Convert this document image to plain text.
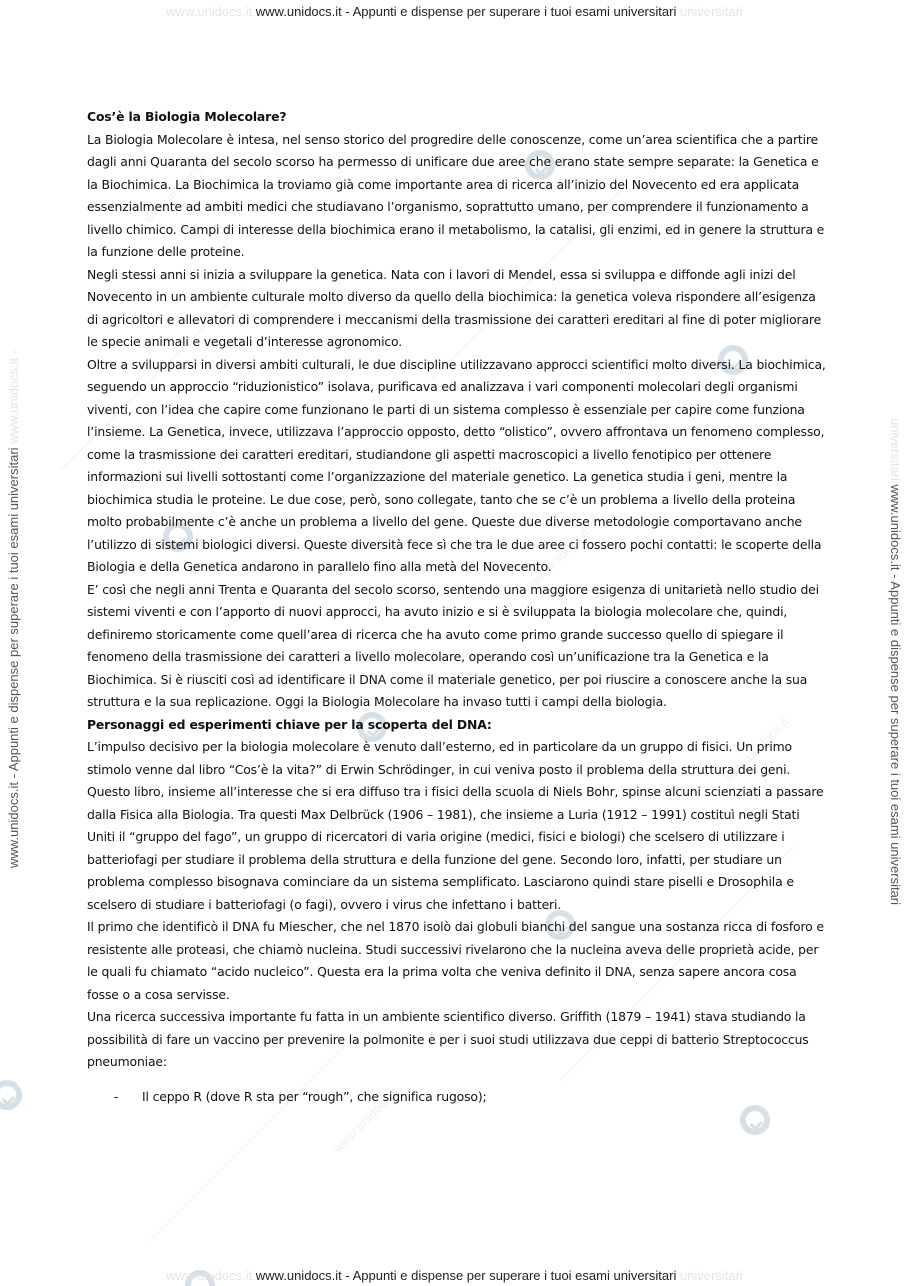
www.unidocs.it
www.unidocs.it
www.unidocs.it
www.unidocs.it
www.unidocs.it www.unidocs.it - Appunti e dispense per superare i tuoi esami universitari universitari
www.unidocs.it - Appunti e dispense per superare i tuoi esami universitari www.unidocs.it -
universitari www.unidocs.it - Appunti e dispense per superare i tuoi esami universitari
Cos’è la Biologia Molecolare?

La Biologia Molecolare è intesa, nel senso storico del progredire delle conoscenze, come un’area scientifica che a partire dagli anni Quaranta del secolo scorso ha permesso di unificare due aree che erano state sempre separate: la Genetica e la Biochimica. La Biochimica la troviamo già come importante area di ricerca all’inizio del Novecento ed era applicata essenzialmente ad ambiti medici che studiavano l’organismo, soprattutto umano, per comprendere il funzionamento a livello chimico. Campi di interesse della biochimica erano il metabolismo, la catalisi, gli enzimi, ed in genere la struttura e la funzione delle proteine.

Negli stessi anni si inizia a sviluppare la genetica. Nata con i lavori di Mendel, essa si sviluppa e diffonde agli inizi del Novecento in un ambiente culturale molto diverso da quello della biochimica: la genetica voleva rispondere all’esigenza di agricoltori e allevatori di comprendere i meccanismi della trasmissione dei caratteri ereditari al fine di poter migliorare le specie animali e vegetali d’interesse agronomico.

Oltre a svilupparsi in diversi ambiti culturali, le due discipline utilizzavano approcci scientifici molto diversi. La biochimica, seguendo un approccio “riduzionistico” isolava, purificava ed analizzava i vari componenti molecolari degli organismi viventi, con l’idea che capire come funzionano le parti di un sistema complesso è essenziale per capire come funziona l’insieme. La Genetica, invece, utilizzava l’approccio opposto, detto “olistico”, ovvero affrontava un fenomeno complesso, come la trasmissione dei caratteri ereditari, studiandone gli aspetti macroscopici a livello fenotipico per ottenere informazioni sui livelli sottostanti come l’organizzazione del materiale genetico. La genetica studia i geni, mentre la biochimica studia le proteine. Le due cose, però, sono collegate, tanto che se c’è un problema a livello della proteina molto probabilmente c’è anche un problema a livello del gene. Queste due diverse metodologie comportavano anche l’utilizzo di sistemi biologici diversi. Queste diversità fece sì che tra le due aree ci fossero pochi contatti: le scoperte della Biologia e della Genetica andarono in parallelo fino alla metà del Novecento.

E’ così che negli anni Trenta e Quaranta del secolo scorso, sentendo una maggiore esigenza di unitarietà nello studio dei sistemi viventi e con l’apporto di nuovi approcci, ha avuto inizio e si è sviluppata la biologia molecolare che, quindi, definiremo storicamente come quell’area di ricerca che ha avuto come primo grande successo quello di spiegare il fenomeno della trasmissione dei caratteri a livello molecolare, operando così un’unificazione tra la Genetica e la Biochimica. Si è riusciti così ad identificare il DNA come il materiale genetico, per poi riuscire a conoscere anche la sua struttura e la sua replicazione. Oggi la Biologia Molecolare ha invaso tutti i campi della biologia.

Personaggi ed esperimenti chiave per la scoperta del DNA:

L’impulso decisivo per la biologia molecolare è venuto dall’esterno, ed in particolare da un gruppo di fisici. Un primo stimolo venne dal libro “Cos’è la vita?” di Erwin Schrödinger, in cui veniva posto il problema della struttura dei geni. Questo libro, insieme all’interesse che si era diffuso tra i fisici della scuola di Niels Bohr, spinse alcuni scienziati a passare dalla Fisica alla Biologia. Tra questi Max Delbrück (1906 – 1981), che insieme a Luria (1912 – 1991) costituì negli Stati Uniti il “gruppo del fago”, un gruppo di ricercatori di varia origine (medici, fisici e biologi) che scelsero di utilizzare i batteriofagi per studiare il problema della struttura e della funzione del gene. Secondo loro, infatti, per studiare un problema complesso bisognava cominciare da un sistema semplificato. Lasciarono quindi stare piselli e Drosophila e scelsero di studiare i batteriofagi (o fagi), ovvero i virus che infettano i batteri.

Il primo che identificò il DNA fu Miescher, che nel 1870 isolò dai globuli bianchi del sangue una sostanza ricca di fosforo e resistente alle proteasi, che chiamò nucleina. Studi successivi rivelarono che la nucleina aveva delle proprietà acide, per le quali fu chiamato “acido nucleico”. Questa era la prima volta che veniva definito il DNA, senza sapere ancora cosa fosse o a cosa servisse.

Una ricerca successiva importante fu fatta in un ambiente scientifico diverso. Griffith (1879 – 1941) stava studiando la possibilità di fare un vaccino per prevenire la polmonite e per i suoi studi utilizzava due ceppi di batterio Streptococcus pneumoniae:

- Il ceppo R (dove R sta per “rough”, che significa rugoso);
www.unidocs.it www.unidocs.it - Appunti e dispense per superare i tuoi esami universitari universitari
